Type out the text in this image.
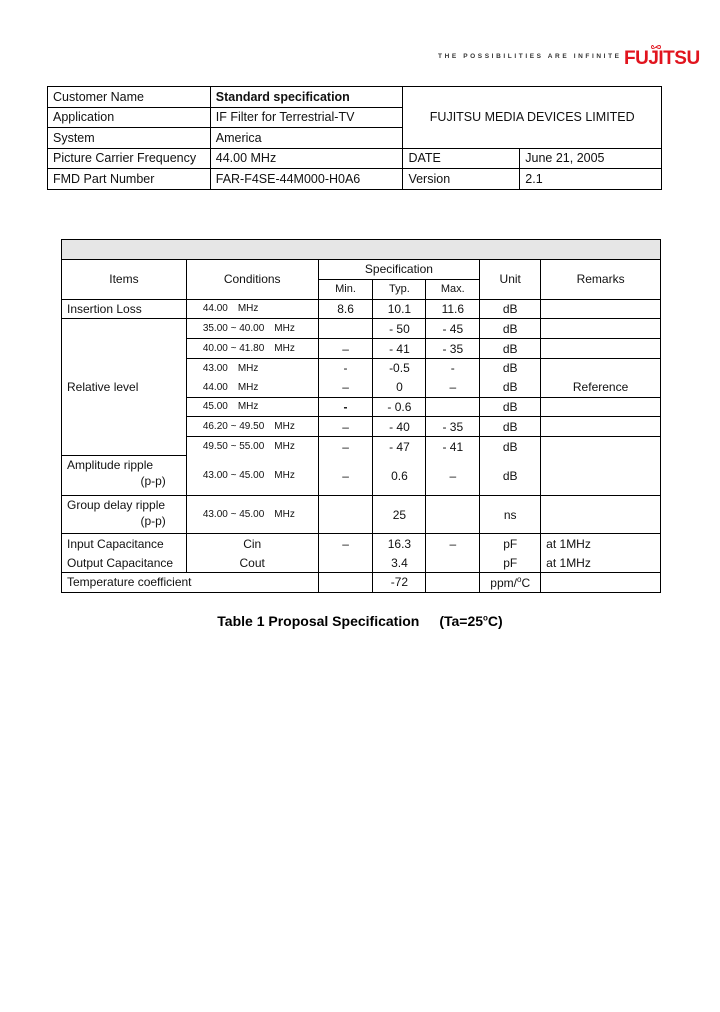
THE POSSIBILITIES ARE INFINITE FUJITSU
Customer Name	Standard specification	FUJITSU MEDIA DEVICES LIMITED	
Application	IF Filter for Terrestrial-TV		
System	America		
Picture Carrier Frequency	44.00 MHz	DATE	June 21, 2005
FMD Part Number	FAR-F4SE-44M000-H0A6	Version	2.1

Items	Conditions	Specification			Unit	Remarks
		Min.	Typ.	Max.		
Insertion Loss	44.00 MHz	8.6	10.1	11.6	dB	
Relative level	35.00 ~ 40.00 MHz		- 50	- 45	dB	
	40.00 ~ 41.80 MHz	–	- 41	- 35	dB	
	43.00 MHz	-	-0.5	-	dB	
	44.00 MHz	–	0	–	dB	Reference
	45.00 MHz	-	- 0.6		dB	
	46.20 ~ 49.50 MHz	–	- 40	- 35	dB	
	49.50 ~ 55.00 MHz	–	- 47	- 41	dB	

Amplitude ripple
(p-p)	43.00 ~ 45.00 MHz	–	0.6	–	dB	

Group delay ripple
(p-p)	43.00 ~ 45.00 MHz		25		ns	
Input Capacitance	Cin	–	16.3	–	pF	at 1MHz
Output Capacitance	Cout		3.4		pF	at 1MHz
Temperature coefficient			-72		ppm/$^o$C	
Table 1 Proposal Specification $(Ta=25^oC)$
